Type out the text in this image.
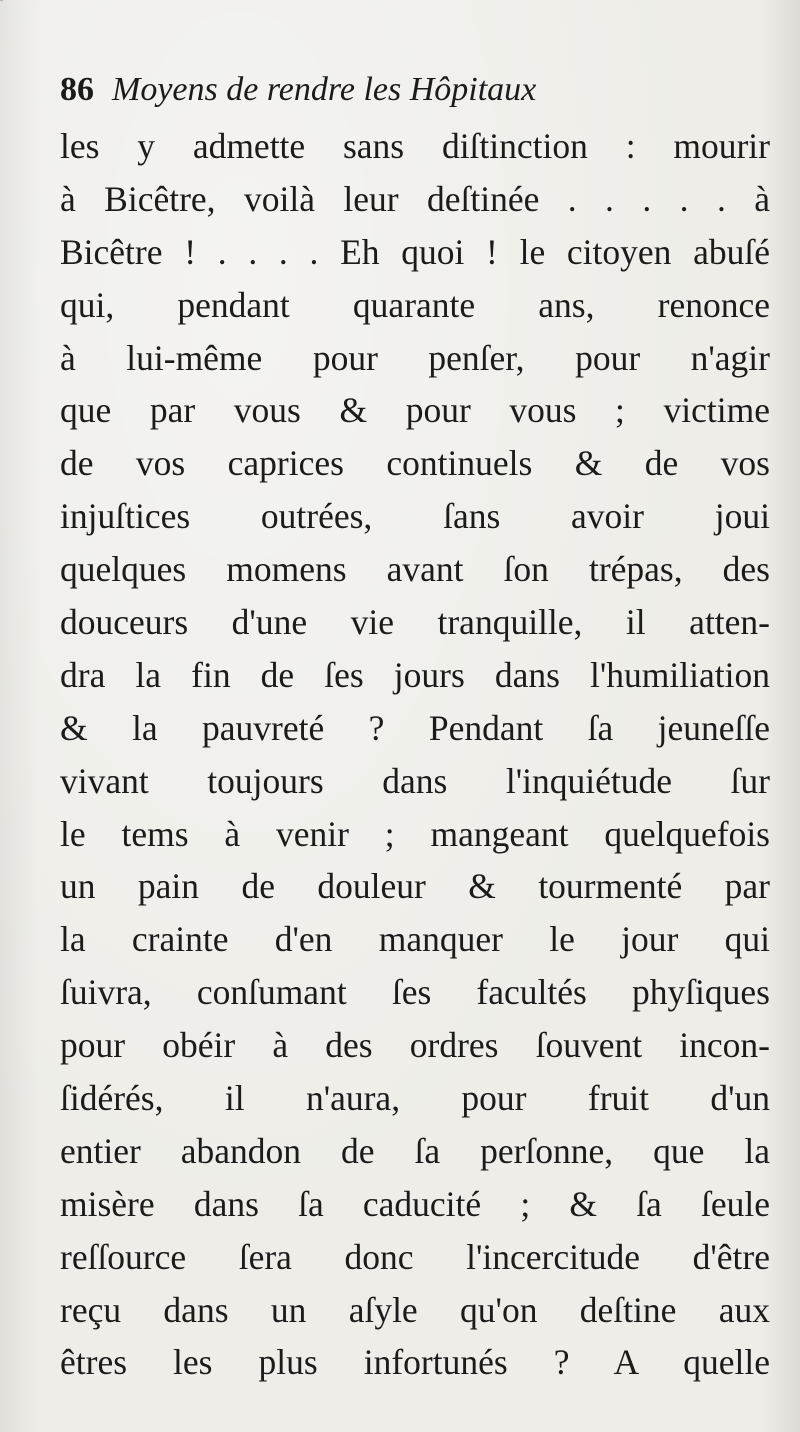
86 Moyens de rendre les Hôpitaux
les y admette sans diſtinction : mourir
à Bicêtre, voilà leur deſtinée . . . . . à
Bicêtre ! . . . . Eh quoi ! le citoyen abuſé
qui, pendant quarante ans, renonce
à lui-même pour penſer, pour n'agir
que par vous & pour vous ; victime
de vos caprices continuels & de vos
injuſtices outrées, ſans avoir joui
quelques momens avant ſon trépas, des
douceurs d'une vie tranquille, il atten-
dra la fin de ſes jours dans l'humiliation
& la pauvreté ? Pendant ſa jeuneſſe
vivant toujours dans l'inquiétude ſur
le tems à venir ; mangeant quelquefois
un pain de douleur & tourmenté par
la crainte d'en manquer le jour qui
ſuivra, conſumant ſes facultés phyſiques
pour obéir à des ordres ſouvent incon-
ſidérés, il n'aura, pour fruit d'un
entier abandon de ſa perſonne, que la
misère dans ſa caducité ; & ſa ſeule
reſſource ſera donc l'incercitude d'être
reçu dans un aſyle qu'on deſtine aux
êtres les plus infortunés ? A quelle
